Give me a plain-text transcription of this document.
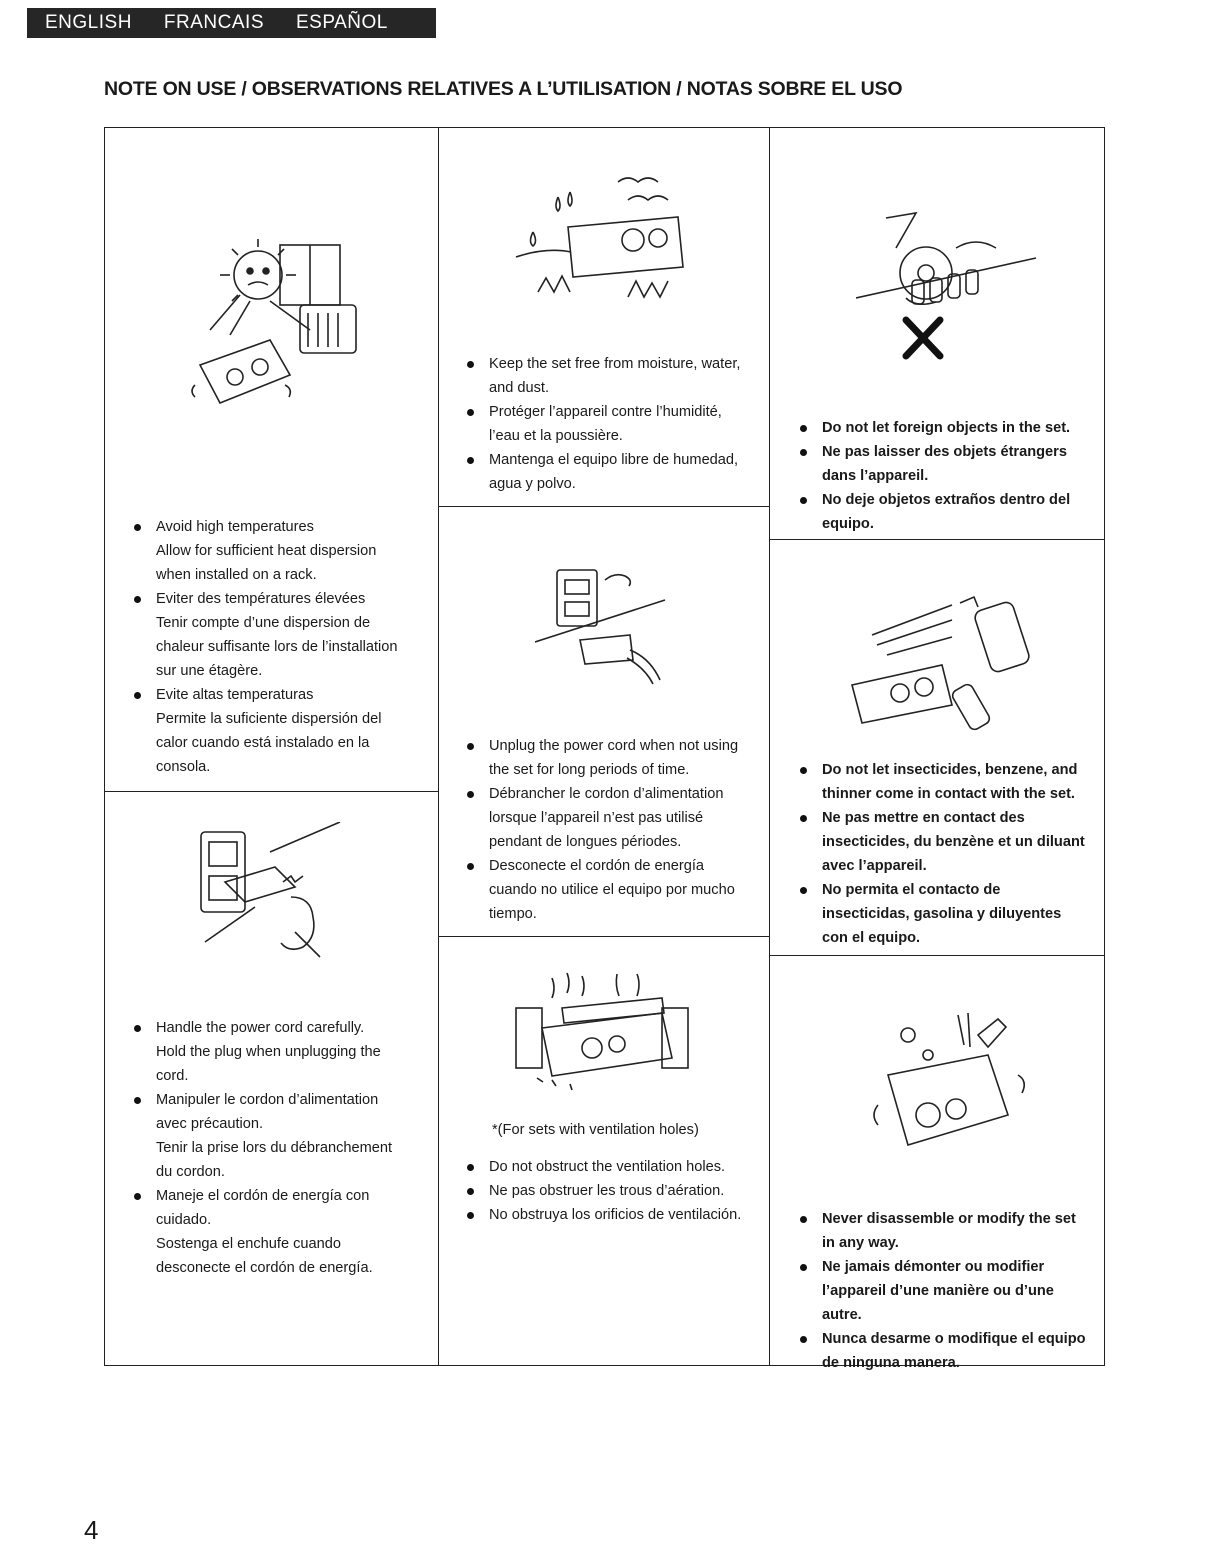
ENGLISH FRANCAIS ESPAÑOL
NOTE ON USE / OBSERVATIONS RELATIVES A L’UTILISATION / NOTAS SOBRE EL USO
Avoid high temperatures
Allow for sufficient heat dispersion when installed on a rack.
Eviter des températures élevées
Tenir compte d’une dispersion de chaleur suffisante lors de l’installation sur une étagère.
Evite altas temperaturas
Permite la suficiente dispersión del calor cuando está instalado en la consola.
Handle the power cord carefully.
Hold the plug when unplugging the cord.
Manipuler le cordon d’alimentation avec précaution.
Tenir la prise lors du débranchement du cordon.
Maneje el cordón de energía con cuidado.
Sostenga el enchufe cuando desconecte el cordón de energía.
Keep the set free from moisture, water, and dust.
Protéger l’appareil contre l’humidité, l’eau et la poussière.
Mantenga el equipo libre de humedad, agua y polvo.
Unplug the power cord when not using the set for long periods of time.
Débrancher le cordon d’alimentation lorsque l’appareil n’est pas utilisé pendant de longues périodes.
Desconecte el cordón de energía cuando no utilice el equipo por mucho tiempo.
*(For sets with ventilation holes)
Do not obstruct the ventilation holes.
Ne pas obstruer les trous d’aération.
No obstruya los orificios de ventilación.
Do not let foreign objects in the set.
Ne pas laisser des objets étrangers dans l’appareil.
No deje objetos extraños dentro del equipo.
Do not let insecticides, benzene, and thinner come in contact with the set.
Ne pas mettre en contact des insecticides, du benzène et un diluant avec l’appareil.
No permita el contacto de insecticidas, gasolina y diluyentes con el equipo.
Never disassemble or modify the set in any way.
Ne jamais démonter ou modifier l’appareil d’une manière ou d’une autre.
Nunca desarme o modifique el equipo de ninguna manera.
4
